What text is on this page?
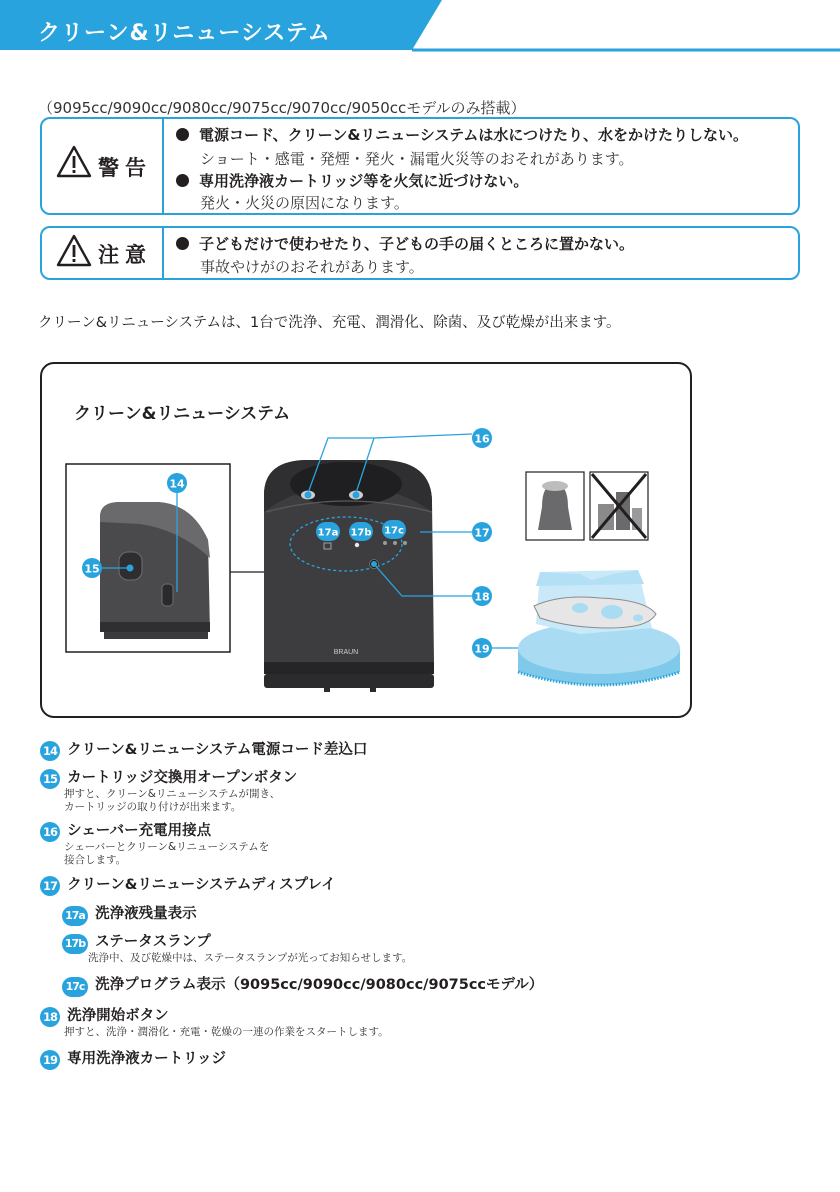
クリーン&リニューシステム
（9095cc/9090cc/9080cc/9075cc/9070cc/9050ccモデルのみ搭載）
警告
電源コード、クリーン&リニューシステムは水につけたり、水をかけたりしない。
ショート・感電・発煙・発火・漏電火災等のおそれがあります。
専用洗浄液カートリッジ等を火気に近づけない。
発火・火災の原因になります。
注意	子どもだけで使わせたり、子どもの手の届くところに置かない。
事故やけがのおそれがあります。
クリーン&リニューシステムは、1台で洗浄、充電、潤滑化、除菌、及び乾燥が出来ます。
クリーン&リニューシステム
BRAUN
16
14
15
17
17a 17b 17c
18
19
14 クリーン&リニューシステム電源コード差込口
15 カートリッジ交換用オープンボタン
押すと、クリーン&リニューシステムが開き、
カートリッジの取り付けが出来ます。
16 シェーバー充電用接点
シェーバーとクリーン&リニューシステムを
接合します。
17 クリーン&リニューシステムディスプレイ
17a 洗浄液残量表示
17b ステータスランプ
洗浄中、及び乾燥中は、ステータスランプが光ってお知らせします。
17c 洗浄プログラム表示（9095cc/9090cc/9080cc/9075ccモデル）
18 洗浄開始ボタン
押すと、洗浄・潤滑化・充電・乾燥の一連の作業をスタートします。
19 専用洗浄液カートリッジ
